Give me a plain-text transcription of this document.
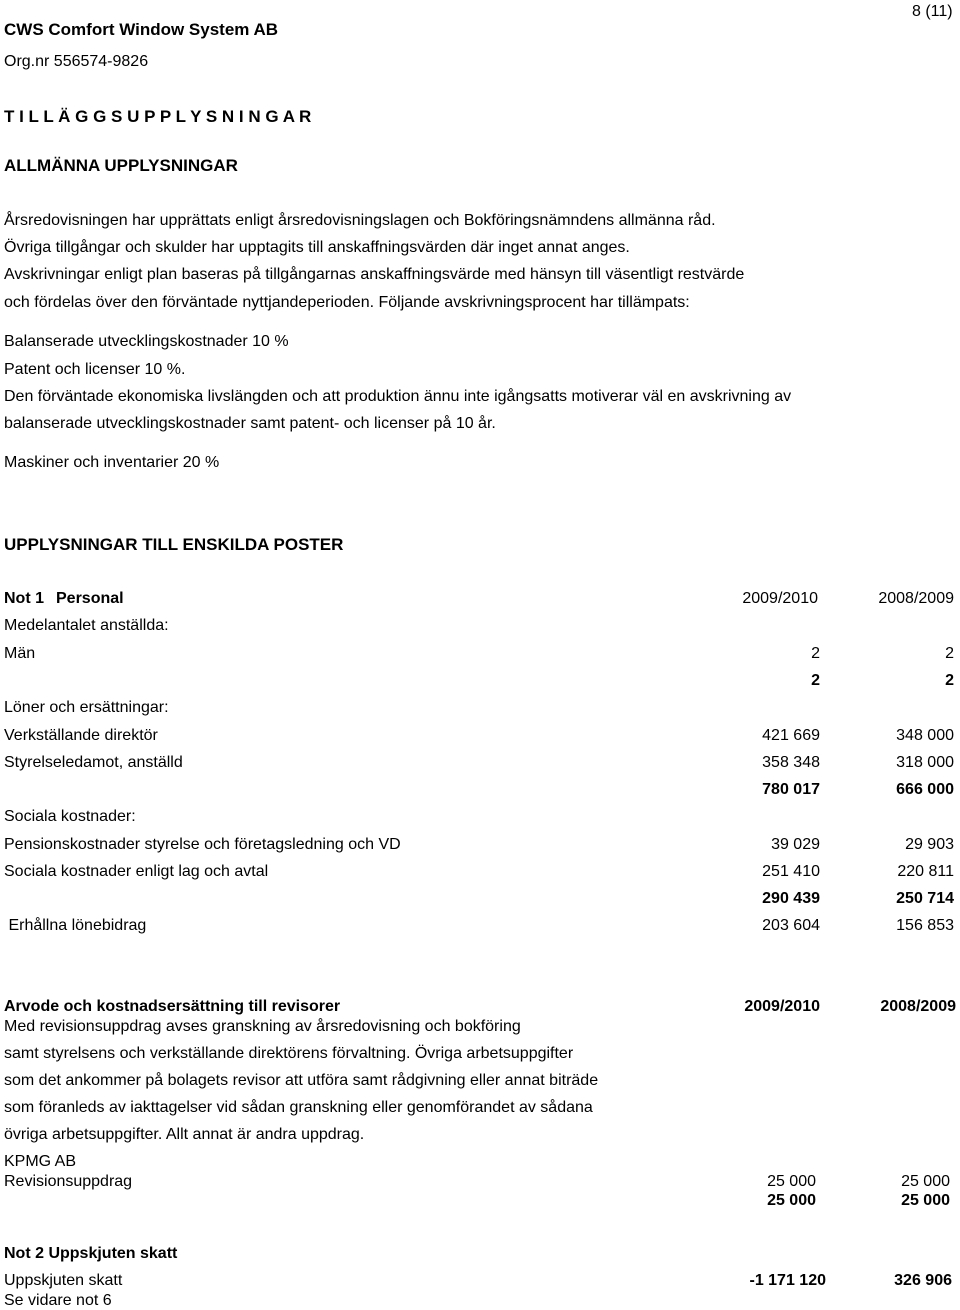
CWS Comfort Window System AB
Org.nr 556574-9826
8 (11)
T I L L Ä G G S U P P L Y S N I N G A R
ALLMÄNNA UPPLYSNINGAR
Årsredovisningen har upprättats enligt årsredovisningslagen och Bokföringsnämndens allmänna råd.
Övriga tillgångar och skulder har upptagits till anskaffningsvärden där inget annat anges.
Avskrivningar enligt plan baseras på tillgångarnas anskaffningsvärde med hänsyn till väsentligt restvärde
och fördelas över den förväntade nyttjandeperioden. Följande avskrivningsprocent har tillämpats:
Balanserade utvecklingskostnader 10 %
Patent och licenser 10 %.
Den förväntade ekonomiska livslängden och att produktion ännu inte igångsatts motiverar väl en avskrivning av
balanserade utvecklingskostnader samt patent- och licenser på 10 år.
Maskiner och inventarier 20 %
UPPLYSNINGAR TILL ENSKILDA POSTER
Not 1 Personal	2009/2010	2008/2009
Medelantalet anställda:
Män	2	2
2	2
Löner och ersättningar:
Verkställande direktör	421 669	348 000
Styrelseledamot, anställd	358 348	318 000
780 017	666 000
Sociala kostnader:
Pensionskostnader styrelse och företagsledning och VD	39 029	29 903
Sociala kostnader enligt lag och avtal	251 410	220 811
290 439	250 714
Erhållna lönebidrag	203 604	156 853
Arvode och kostnadsersättning till revisorer	2009/2010	2008/2009
Med revisionsuppdrag avses granskning av årsredovisning och bokföring
samt styrelsens och verkställande direktörens förvaltning. Övriga arbetsuppgifter
som det ankommer på bolagets revisor att utföra samt rådgivning eller annat biträde
som föranleds av iakttagelser vid sådan granskning eller genomförandet av sådana
övriga arbetsuppgifter. Allt annat är andra uppdrag.
KPMG AB
Revisionsuppdrag	25 000	25 000
25 000	25 000
Not 2 Uppskjuten skatt
Uppskjuten skatt	-1 171 120	326 906
Se vidare not 6
